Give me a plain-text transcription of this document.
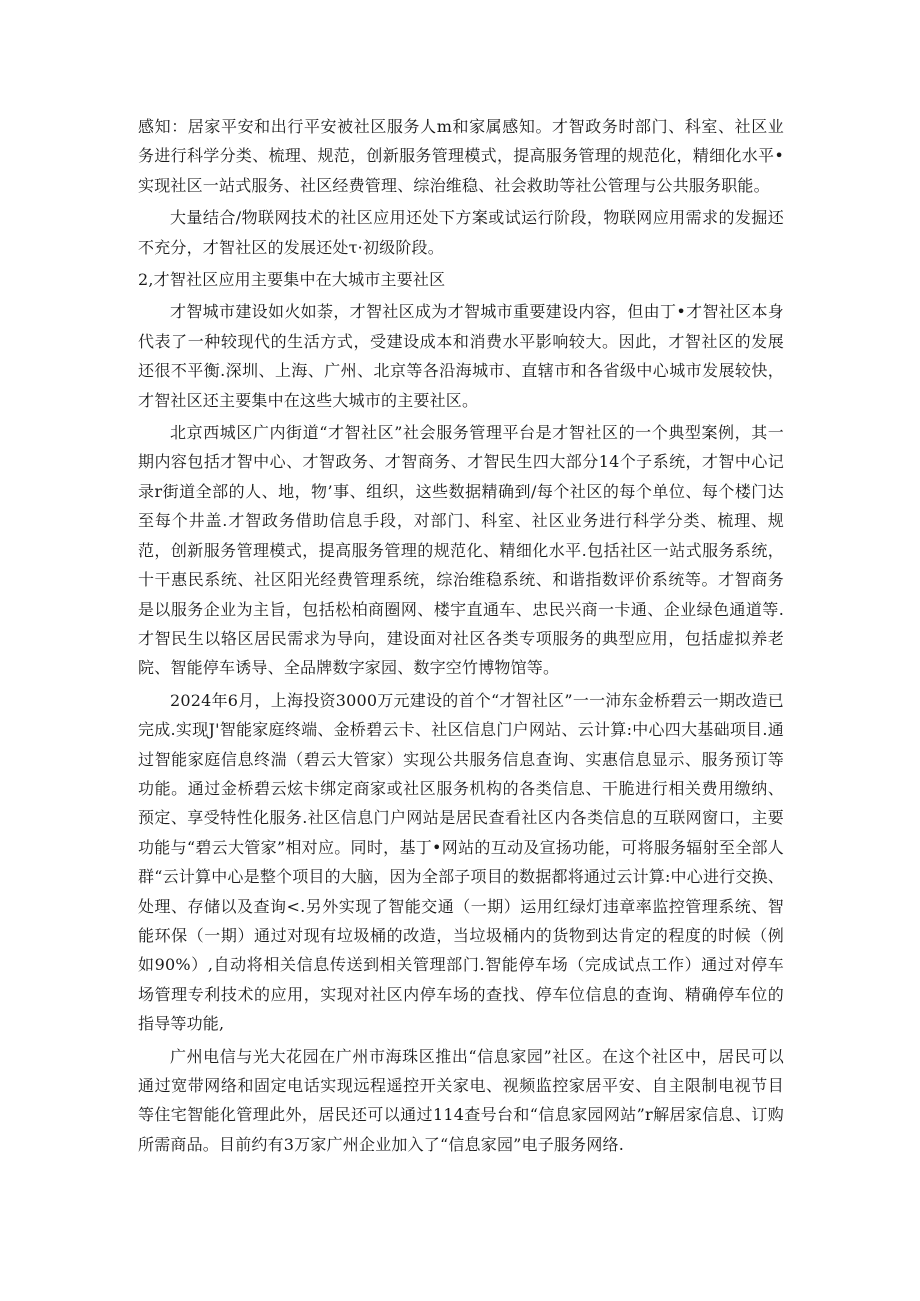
感知：居家平安和出行平安被社区服务人m和家属感知。才智政务时部门、科室、社区业务进行科学分类、梳理、规范，创新服务管理模式，提高服务管理的规范化，精细化水平•实现社区一站式服务、社区经费管理、综治维稳、社会救助等社公管理与公共服务职能。

大量结合/物联网技术的社区应用还处下方案或试运行阶段，物联网应用需求的发掘还不充分，才智社区的发展还处τ·初级阶段。

2,才智社区应用主要集中在大城市主要社区

才智城市建设如火如荼，才智社区成为才智城市重要建设内容，但由丁•才智社区本身代表了一种较现代的生活方式，受建设成本和消费水平影响较大。因此，才智社区的发展还很不平衡.深圳、上海、广州、北京等各沿海城市、直辖市和各省级中心城市发展较快，才智社区还主要集中在这些大城市的主要社区。

北京西城区广内街道“才智社区”社会服务管理平台是才智社区的一个典型案例，其一期内容包括才智中心、才智政务、才智商务、才智民生四大部分14个子系统，才智中心记录r街道全部的人、地，物’事、组织，这些数据精确到/每个社区的每个单位、每个楼门达至每个井盖.才智政务借助信息手段，对部门、科室、社区业务进行科学分类、梳理、规范，创新服务管理模式，提高服务管理的规范化、精细化水平.包括社区一站式服务系统，十干惠民系统、社区阳光经费管理系统，综治维稳系统、和谐指数评价系统等。才智商务是以服务企业为主旨，包括松柏商圈网、楼宇直通车、忠民兴商一卡通、企业绿色通道等.才智民生以辂区居民需求为导向，建设面对社区各类专项服务的典型应用，包括虚拟养老院、智能停车诱导、全品牌数字家园、数字空竹博物馆等。

2024年6月，上海投资3000万元建设的首个“才智社区”一一沛东金桥碧云一期改造已完成.实现J'智能家庭终端、金桥碧云卡、社区信息门户网站、云计算:中心四大基础项目.通过智能家庭信息终湍（碧云大管家）实现公共服务信息查询、实惠信息显示、服务预订等功能。通过金桥碧云炫卡绑定商家或社区服务机构的各类信息、干脆进行相关费用缴纳、预定、享受特性化服务.社区信息门户网站是居民查看社区内各类信息的互联网窗口，主要功能与“碧云大管家”相对应。同时，基丁•网站的互动及宣扬功能，可将服务辐射至全部人群“云计算中心是整个项目的大脑，因为全部子项目的数据都将通过云计算:中心进行交换、处理、存储以及查询<.另外实现了智能交通（一期）运用红绿灯违章率监控管理系统、智能环保（一期）通过对现有垃圾桶的改造，当垃圾桶内的货物到达肯定的程度的时候（例如90%）,自动将相关信息传送到相关管理部门.智能停车场（完成试点工作）通过对停车场管理专利技术的应用，实现对社区内停车场的查找、停车位信息的查询、精确停车位的指导等功能,

广州电信与光大花园在广州市海珠区推出“信息家园”社区。在这个社区中，居民可以通过宽带网络和固定电话实现远程遥控开关家电、视频监控家居平安、自主限制电视节目等住宅智能化管理此外，居民还可以通过114查号台和“信息家园网站”r解居家信息、订购所需商品。目前约有3万家广州企业加入了“信息家园”电子服务网络.
